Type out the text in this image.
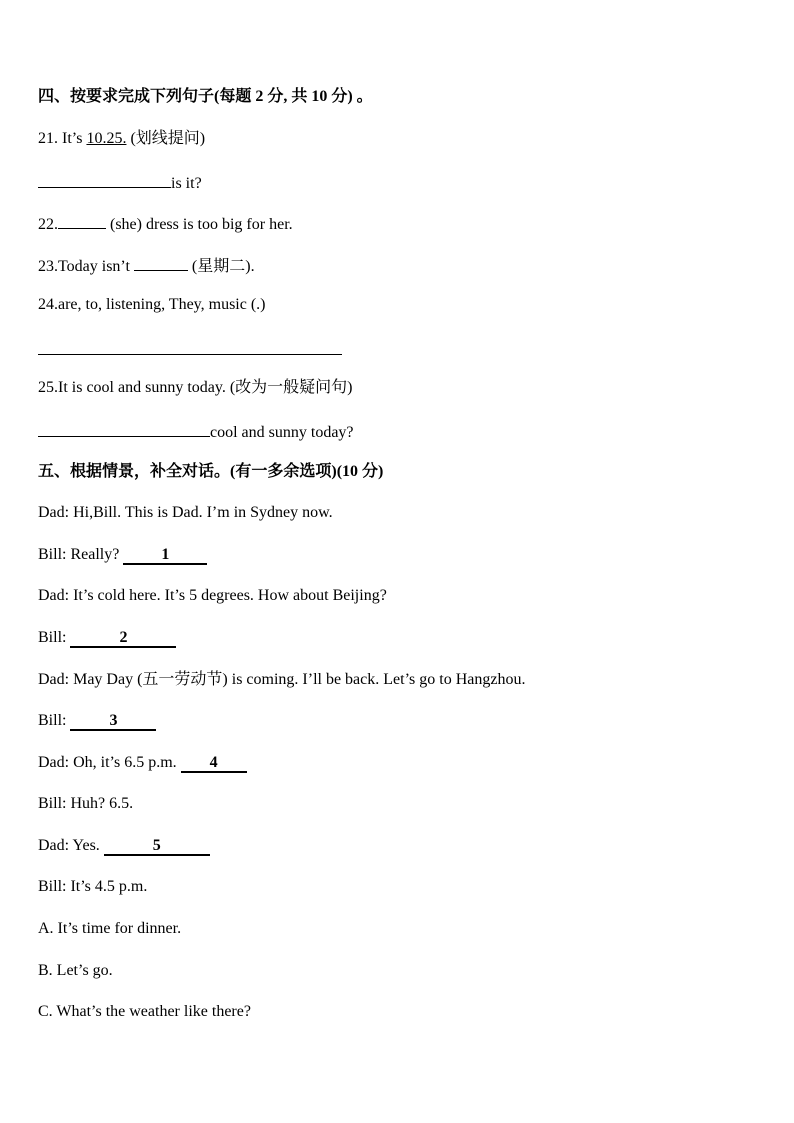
四、按要求完成下列句子(每题 2 分, 共 10 分) 。
21. It’s 10.25. (划线提问)
is it?
22.	(she) dress is too big for her.
23.Today isn’t	(星期二).
24.are, to, listening, They, music (.)
25.It is cool and sunny today. (改为一般疑问句)
cool and sunny today?
五、根据情景，补全对话。(有一多余选项)(10 分)
Dad: Hi,Bill. This is Dad. I’m in Sydney now.
Bill: Really? 1
Dad: It’s cold here. It’s 5 degrees. How about Beijing?
Bill:	2
Dad: May Day (五一劳动节) is coming. I’ll be back. Let’s go to Hangzhou.
Bill: 3
Dad: Oh, it’s 6.5 p.m. 4
Bill: Huh? 6.5.
Dad: Yes.	5
Bill: It’s 4.5 p.m.
A. It’s time for dinner.
B. Let’s go.
C. What’s the weather like there?
